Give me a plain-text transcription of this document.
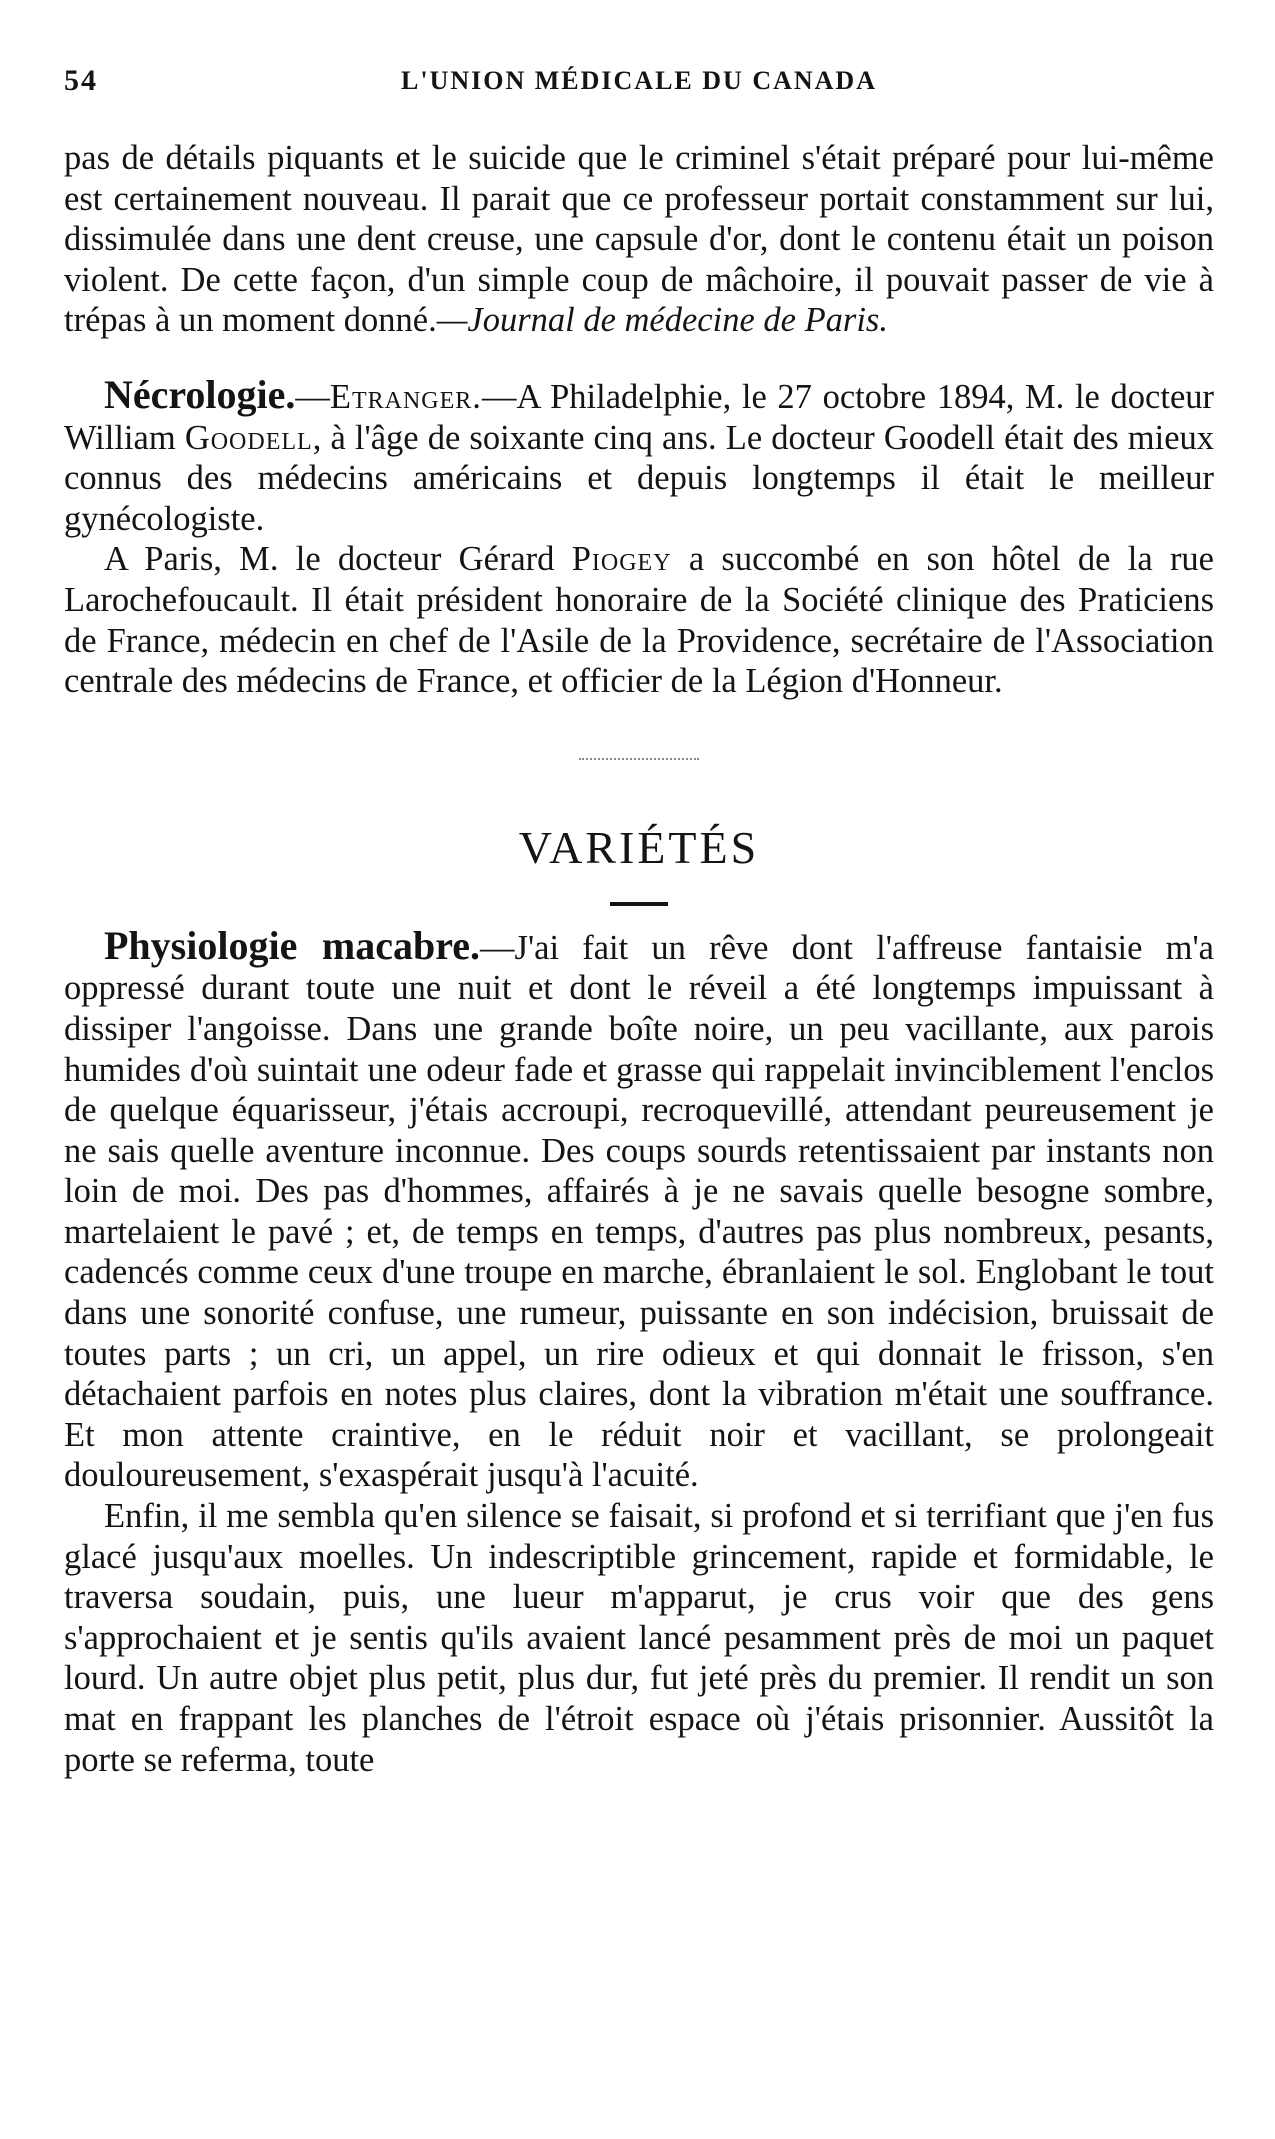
54	L'UNION MÉDICALE DU CANADA

pas de détails piquants et le suicide que le criminel s'était préparé pour lui-même est certainement nouveau. Il parait que ce professeur portait constamment sur lui, dissimulée dans une dent creuse, une capsule d'or, dont le contenu était un poison violent. De cette façon, d'un simple coup de mâchoire, il pouvait passer de vie à trépas à un moment donné.—Journal de médecine de Paris.

Nécrologie.—Etranger.—A Philadelphie, le 27 octobre 1894, M. le docteur William Goodell, à l'âge de soixante cinq ans. Le docteur Goodell était des mieux connus des médecins américains et depuis longtemps il était le meilleur gynécologiste.

A Paris, M. le docteur Gérard Piogey a succombé en son hôtel de la rue Larochefoucault. Il était président honoraire de la Société clinique des Praticiens de France, médecin en chef de l'Asile de la Providence, secrétaire de l'Association centrale des médecins de France, et officier de la Légion d'Honneur.

VARIÉTÉS

Physiologie macabre.—J'ai fait un rêve dont l'affreuse fantaisie m'a oppressé durant toute une nuit et dont le réveil a été longtemps impuissant à dissiper l'angoisse. Dans une grande boîte noire, un peu vacillante, aux parois humides d'où suintait une odeur fade et grasse qui rappelait invinciblement l'enclos de quelque équarisseur, j'étais accroupi, recroquevillé, attendant peureusement je ne sais quelle aventure inconnue. Des coups sourds retentissaient par instants non loin de moi. Des pas d'hommes, affairés à je ne savais quelle besogne sombre, martelaient le pavé ; et, de temps en temps, d'autres pas plus nombreux, pesants, cadencés comme ceux d'une troupe en marche, ébranlaient le sol. Englobant le tout dans une sonorité confuse, une rumeur, puissante en son indécision, bruissait de toutes parts ; un cri, un appel, un rire odieux et qui donnait le frisson, s'en détachaient parfois en notes plus claires, dont la vibration m'était une souffrance. Et mon attente craintive, en le réduit noir et vacillant, se prolongeait douloureusement, s'exaspérait jusqu'à l'acuité.

Enfin, il me sembla qu'en silence se faisait, si profond et si terrifiant que j'en fus glacé jusqu'aux moelles. Un indescriptible grincement, rapide et formidable, le traversa soudain, puis, une lueur m'apparut, je crus voir que des gens s'approchaient et je sentis qu'ils avaient lancé pesamment près de moi un paquet lourd. Un autre objet plus petit, plus dur, fut jeté près du premier. Il rendit un son mat en frappant les planches de l'étroit espace où j'étais prisonnier. Aussitôt la porte se referma, toute
